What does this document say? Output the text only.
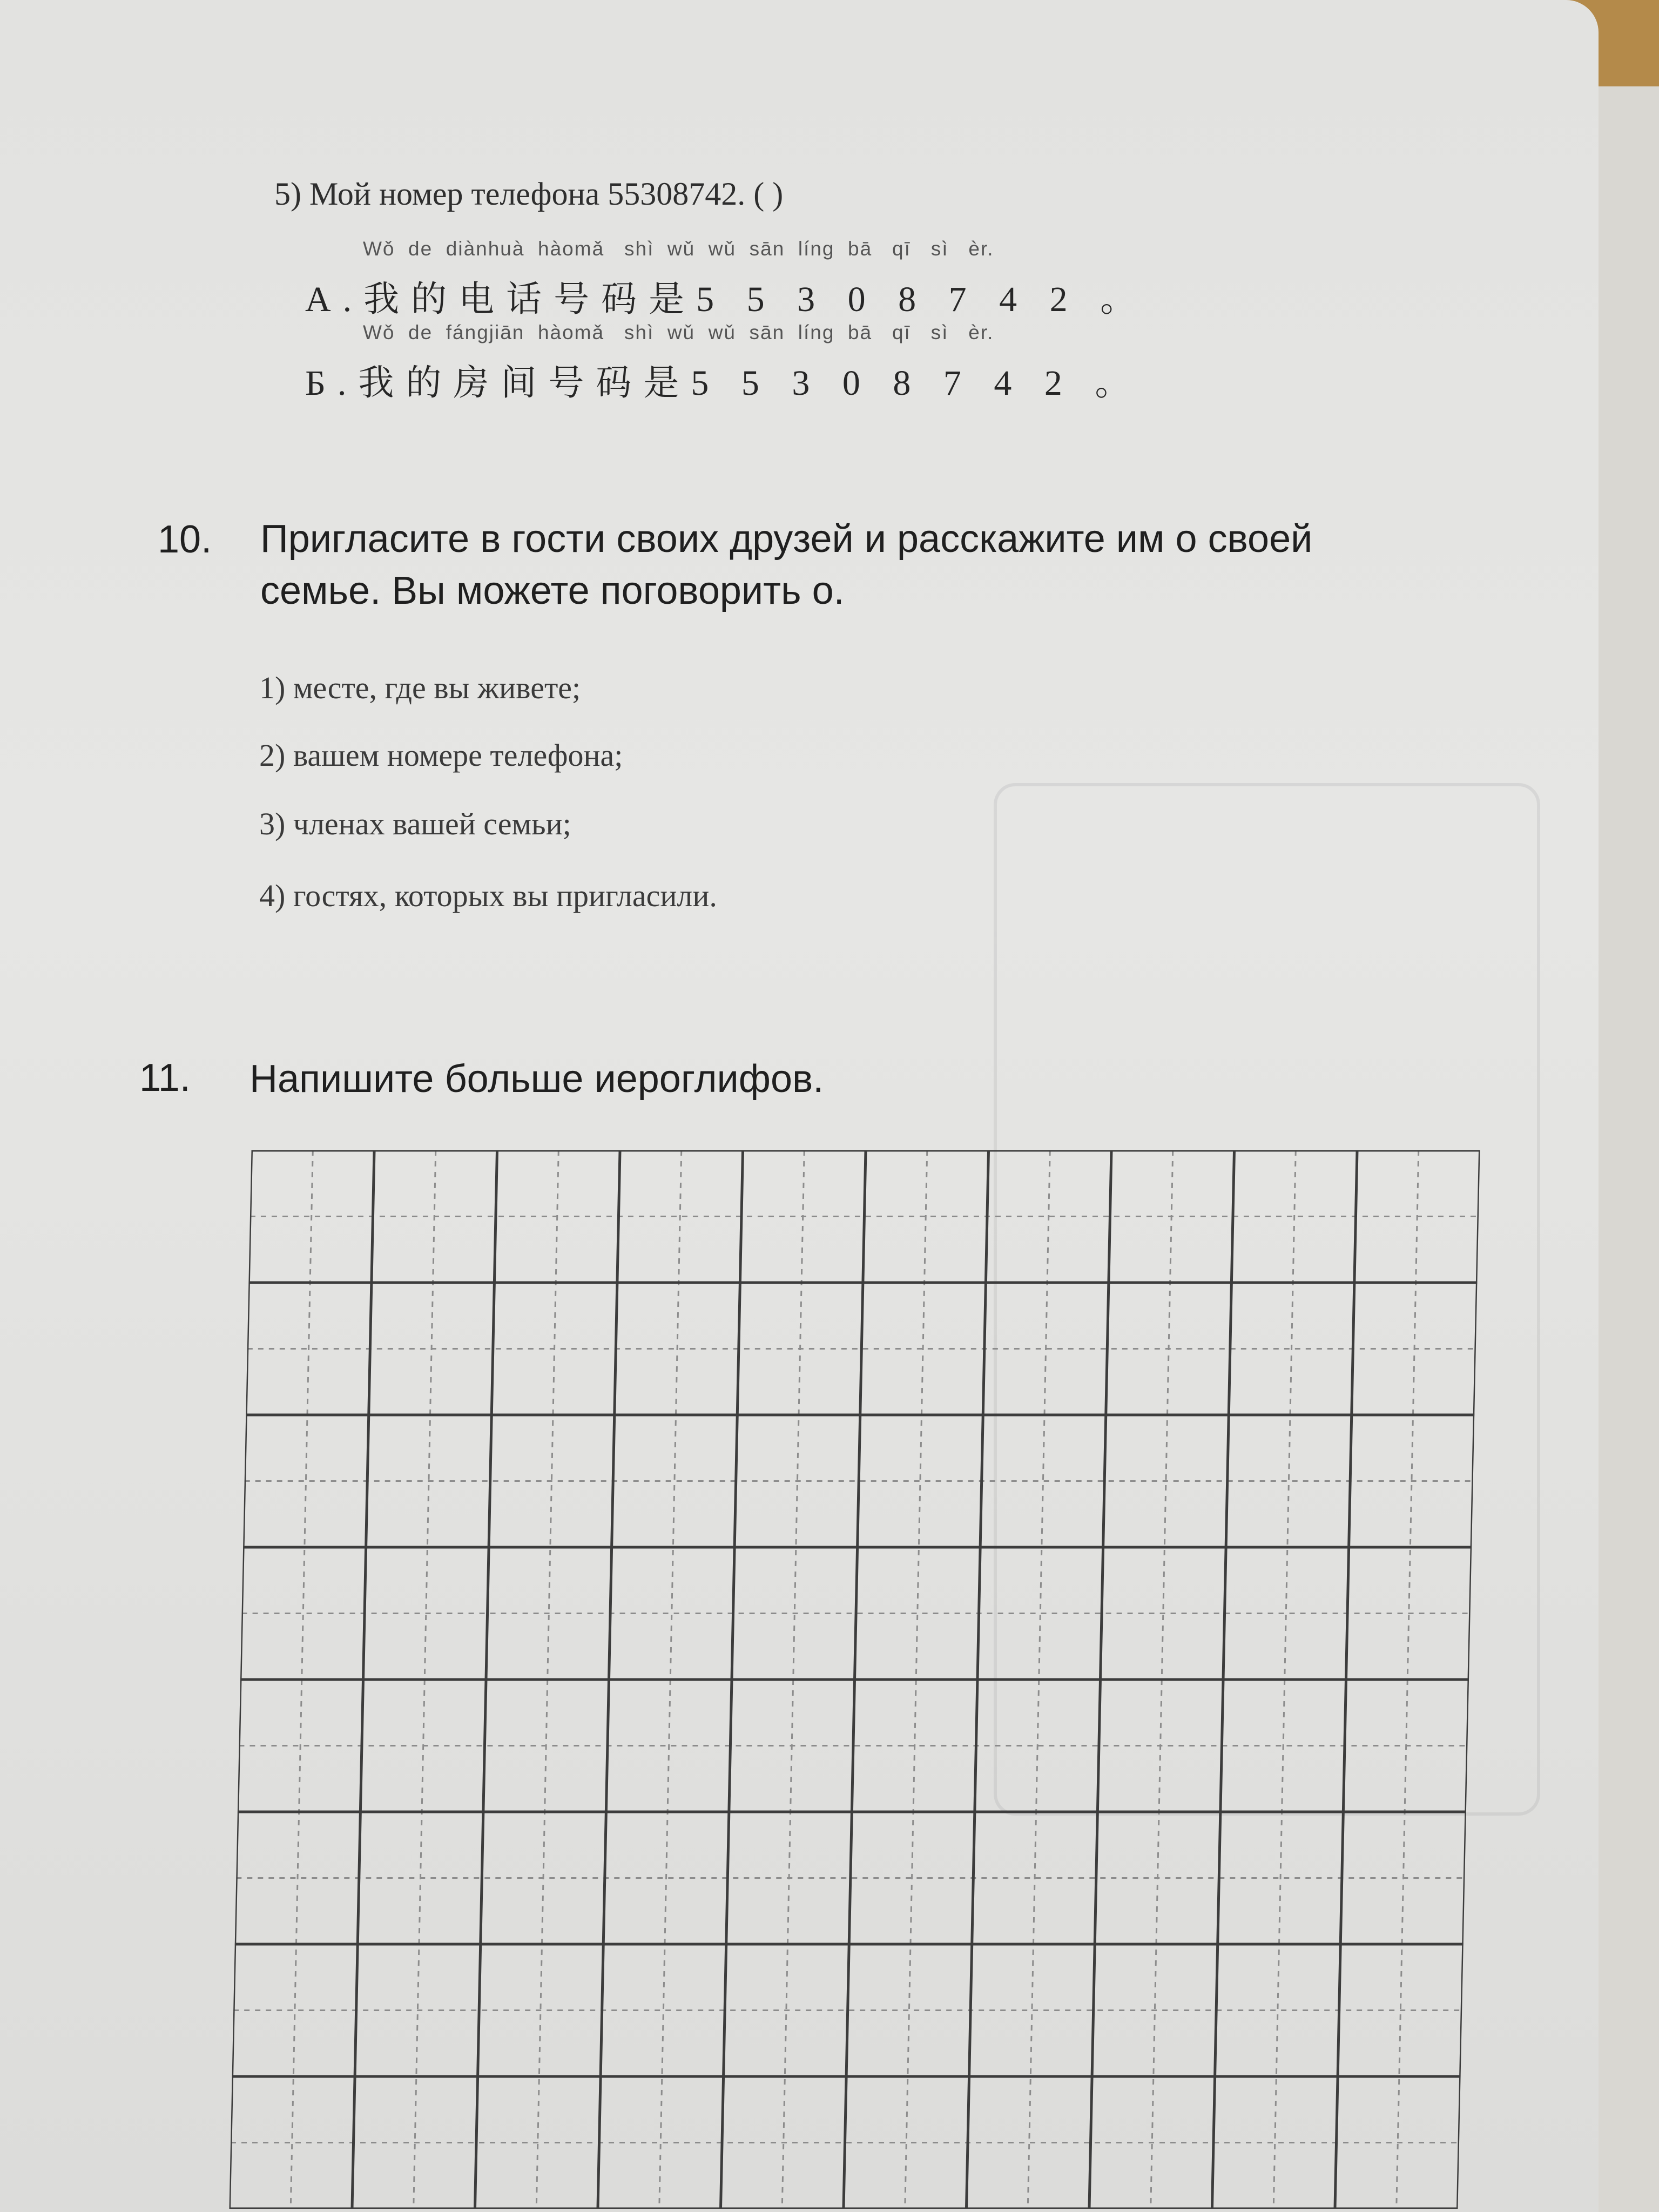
5) Мой номер телефона 55308742. ( )
Wǒ  de  diànhuà  hàomǎ   shì  wǔ  wǔ  sān  líng  bā   qī   sì   èr.
А.我的电话号码是5 5 3 0 8 7 4 2 。
Wǒ  de  fángjiān  hàomǎ   shì  wǔ  wǔ  sān  líng  bā   qī   sì   èr.
Б.我的房间号码是5 5 3 0 8 7 4 2 。
10. Пригласите в гости своих друзей и расскажите им о своей
семье. Вы можете поговорить о.
1) месте, где вы живете;
2) вашем номере телефона;
3) членах вашей семьи;
4) гостях, которых вы пригласили.
11. Напишите больше иероглифов.
